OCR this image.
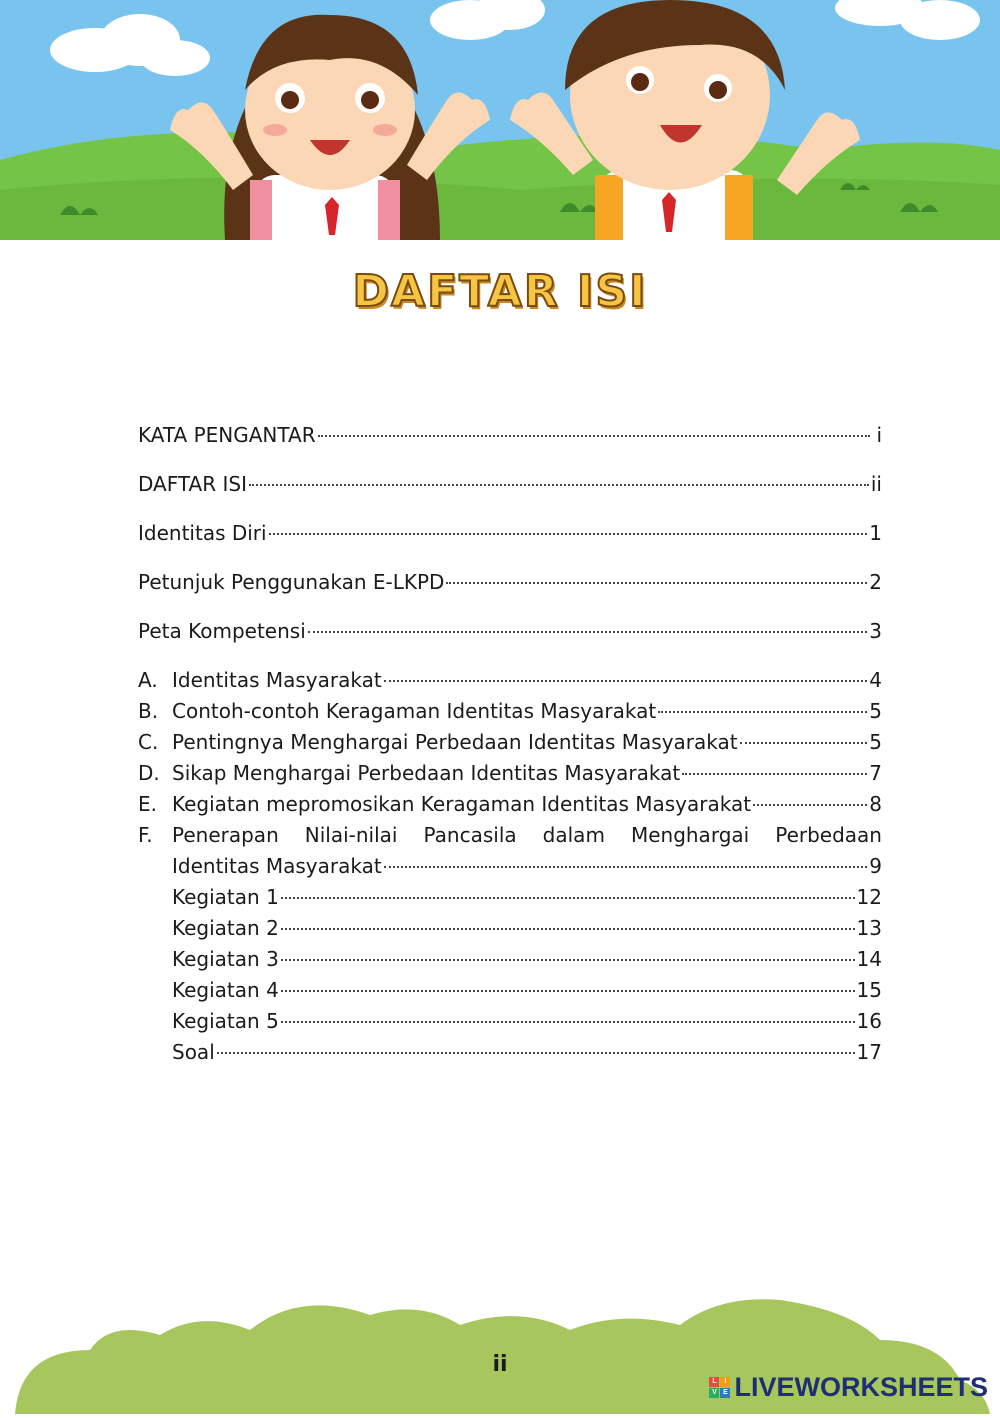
DAFTAR ISI
KATA PENGANTAR	i
DAFTAR ISI	ii
Identitas Diri	1
Petunjuk Penggunakan E-LKPD	2
Peta Kompetensi	3
A. Identitas Masyarakat	4
B. Contoh-contoh Keragaman Identitas Masyarakat	5
C. Pentingnya Menghargai Perbedaan Identitas Masyarakat	5
D. Sikap Menghargai Perbedaan Identitas Masyarakat	7
E. Kegiatan mepromosikan Keragaman Identitas Masyarakat	8
F. Penerapan Nilai-nilai Pancasila dalam Menghargai Perbedaan
Identitas Masyarakat	9
Kegiatan 1	12
Kegiatan 2	13
Kegiatan 3	14
Kegiatan 4	15
Kegiatan 5	16
Soal	17
ii
L	I
V E LIVEWORKSHEETS
